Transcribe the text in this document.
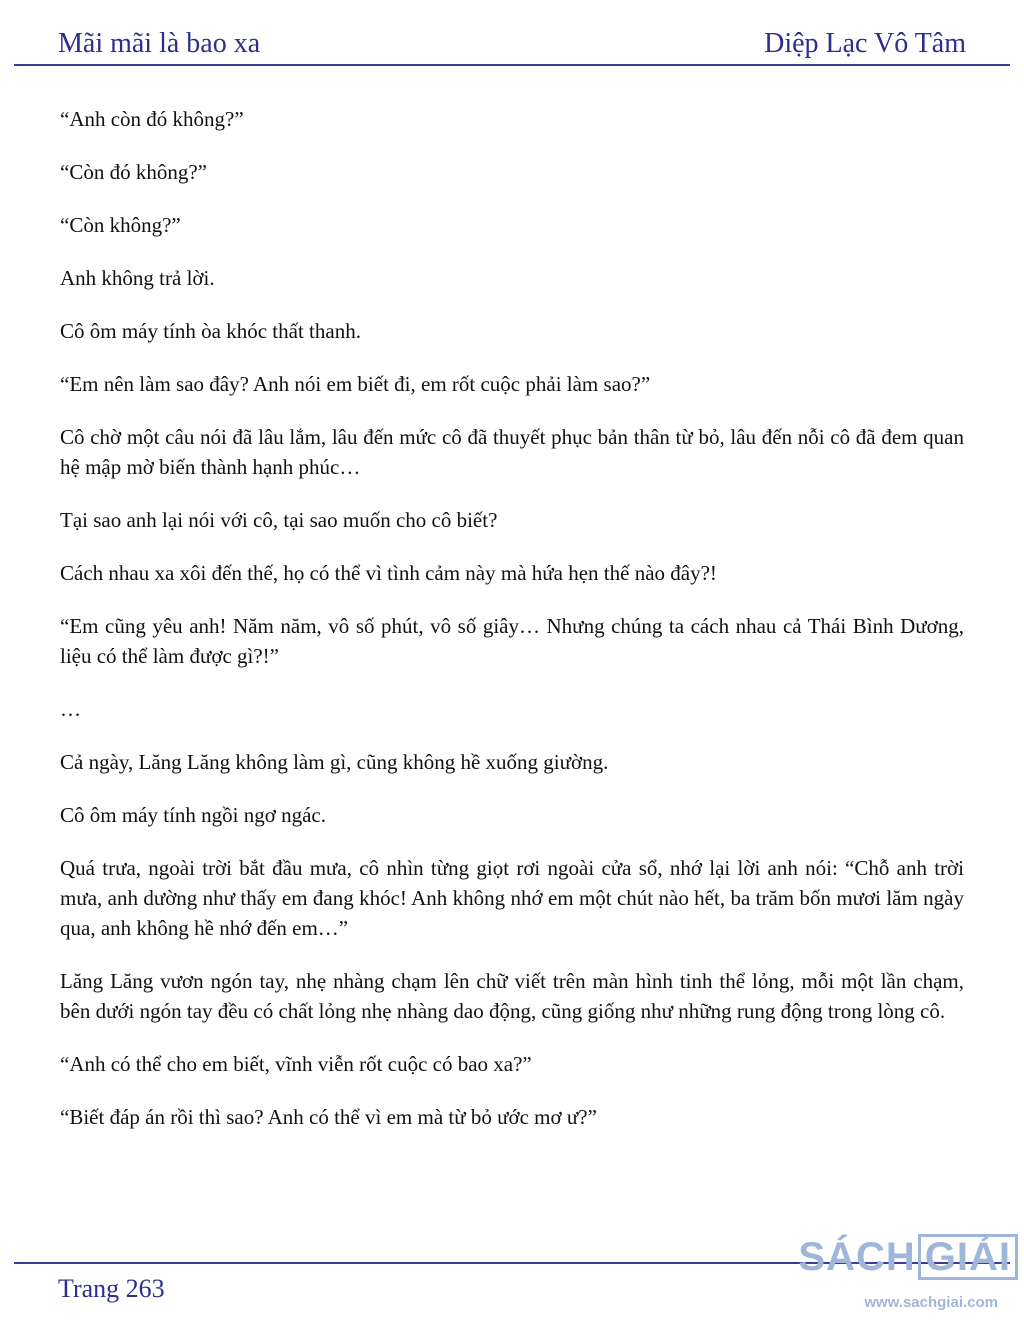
Mãi mãi là bao xa	Diệp Lạc Vô Tâm

“Anh còn đó không?”

“Còn đó không?”

“Còn không?”

Anh không trả lời.

Cô ôm máy tính òa khóc thất thanh.

“Em nên làm sao đây? Anh nói em biết đi, em rốt cuộc phải làm sao?”

Cô chờ một câu nói đã lâu lắm, lâu đến mức cô đã thuyết phục bản thân từ bỏ, lâu đến nỗi cô đã đem quan hệ mập mờ biến thành hạnh phúc…

Tại sao anh lại nói với cô, tại sao muốn cho cô biết?

Cách nhau xa xôi đến thế, họ có thể vì tình cảm này mà hứa hẹn thế nào đây?!

“Em cũng yêu anh! Năm năm, vô số phút, vô số giây… Nhưng chúng ta cách nhau cả Thái Bình Dương, liệu có thể làm được gì?!”

…

Cả ngày, Lăng Lăng không làm gì, cũng không hề xuống giường.

Cô ôm máy tính ngồi ngơ ngác.

Quá trưa, ngoài trời bắt đầu mưa, cô nhìn từng giọt rơi ngoài cửa sổ, nhớ lại lời anh nói: “Chỗ anh trời mưa, anh dường như thấy em đang khóc! Anh không nhớ em một chút nào hết, ba trăm bốn mươi lăm ngày qua, anh không hề nhớ đến em…”

Lăng Lăng vươn ngón tay, nhẹ nhàng chạm lên chữ viết trên màn hình tinh thể lỏng, mỗi một lần chạm, bên dưới ngón tay đều có chất lỏng nhẹ nhàng dao động, cũng giống như những rung động trong lòng cô.

“Anh có thể cho em biết, vĩnh viễn rốt cuộc có bao xa?”

“Biết đáp án rồi thì sao? Anh có thể vì em mà từ bỏ ước mơ ư?”

Trang 263
SÁCH GIẢI
www.sachgiai.com
